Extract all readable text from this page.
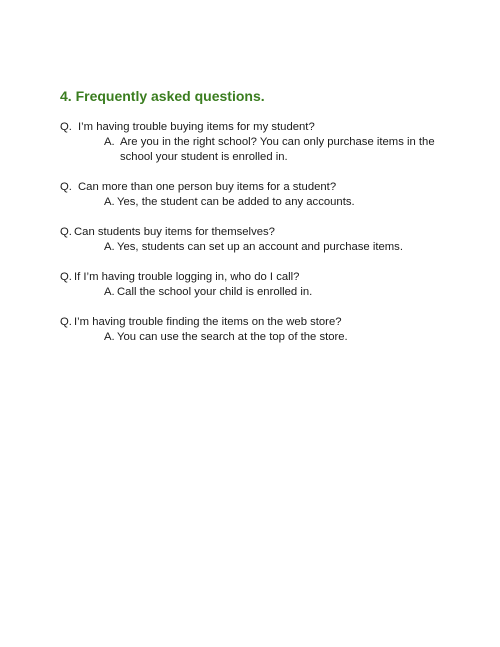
4. Frequently asked questions.
Q. I’m having trouble buying items for my student?
A. Are you in the right school? You can only purchase items in the school your student is enrolled in.
Q. Can more than one person buy items for a student?
A. Yes, the student can be added to any accounts.
Q. Can students buy items for themselves?
A. Yes, students can set up an account and purchase items.
Q. If I’m having trouble logging in, who do I call?
A. Call the school your child is enrolled in.
Q. I’m having trouble finding the items on the web store?
A. You can use the search at the top of the store.
